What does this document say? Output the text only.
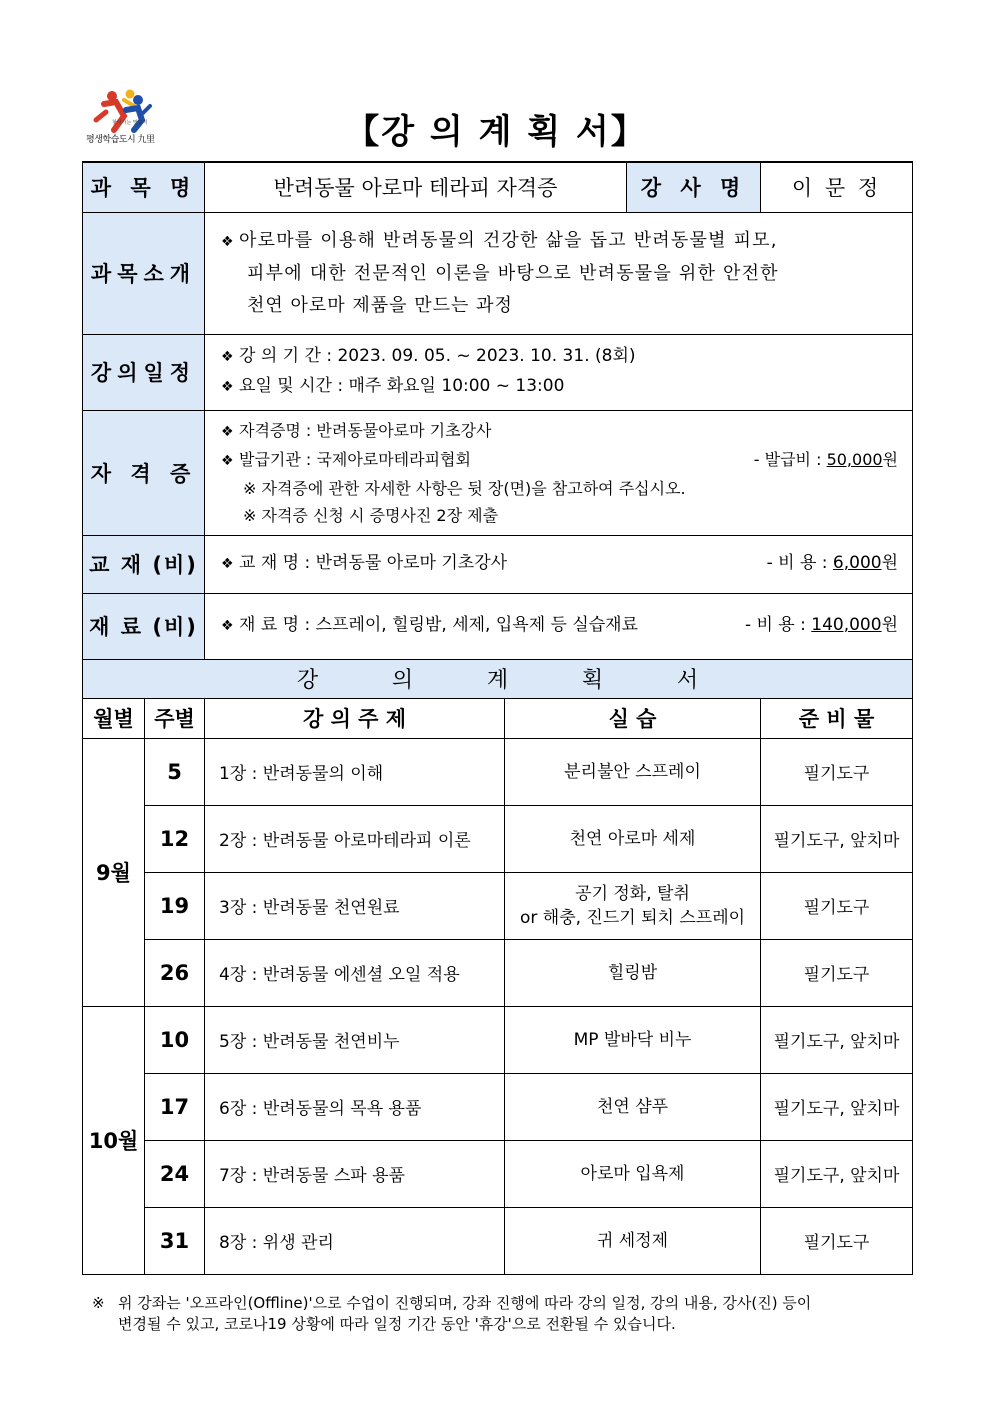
찾아가는 맞춤식
평생학습도시 九里	【강 의 계 획 서】
과 목 명		반려동물 아로마 테라피 자격증		강 사 명	이 문 정
과목소개		❖ 아로마를 이용해 반려동물의 건강한 삶을 돕고 반려동물별 피모,
피부에 대한 전문적인 이론을 바탕으로 반려동물을 위한 안전한
천연 아로마 제품을 만드는 과정			

강의일정		❖ 강 의 기 간 : 2023. 09. 05. ~ 2023. 10. 31. (8회)
❖ 요일 및 시간 : 매주 화요일 10:00 ~ 13:00			

자 격 증		❖ 자격증명 : 반려동물아로마 기초강사
❖ 발급기관 : 국제아로마테라피협회 - 발급비 : 50,000원
※ 자격증에 관한 자세한 사항은 뒷 장(면)을 참고하여 주십시오.
※ 자격증 신청 시 증명사진 2장 제출			

교 재 (비)		❖ 교 재 명 : 반려동물 아로마 기초강사 - 비 용 : 6,000원			

재 료 (비)		❖ 재 료 명 : 스프레이, 힐링밤, 세제, 입욕제 등 실습재료 - 비 용 : 140,000원			

강 의 계 획 서					
월별	주별	강 의 주 제	실 습		준 비 물
9월	5	1장 : 반려동물의 이해	분리불안 스프레이		필기도구
	12	2장 : 반려동물 아로마테라피 이론	천연 아로마 세제		필기도구, 앞치마
	19	3장 : 반려동물 천연원료	공기 정화, 탈취
or 해충, 진드기 퇴치 스프레이		필기도구
	26	4장 : 반려동물 에센셜 오일 적용	힐링밤		필기도구
10월	10	5장 : 반려동물 천연비누	MP 발바닥 비누		필기도구, 앞치마
	17	6장 : 반려동물의 목욕 용품	천연 샴푸		필기도구, 앞치마
	24	7장 : 반려동물 스파 용품	아로마 입욕제		필기도구, 앞치마
	31	8장 : 위생 관리	귀 세정제		필기도구
※ 위 강좌는 '오프라인(Offline)'으로 수업이 진행되며, 강좌 진행에 따라 강의 일정, 강의 내용, 강사(진) 등이
변경될 수 있고, 코로나19 상황에 따라 일정 기간 동안 '휴강'으로 전환될 수 있습니다.
